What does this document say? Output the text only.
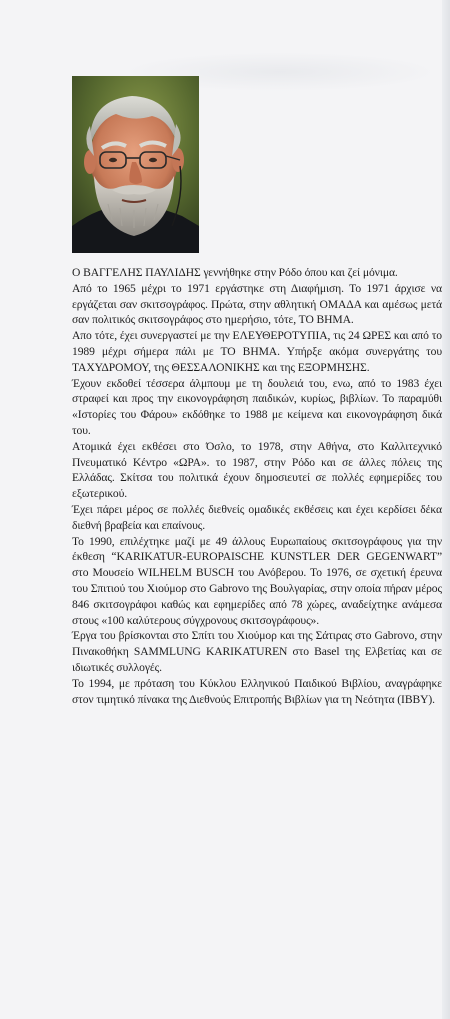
Ο ΒΑΓΓΕΛΗΣ ΠΑΥΛΙΔΗΣ γεννήθηκε στην Ρόδο όπου και ζεί μόνιμα.

Από το 1965 μέχρι το 1971 εργάστηκε στη Διαφήμιση. Το 1971 άρχισε να εργάζεται σαν σκιτσογράφος. Πρώτα, στην αθλητική ΟΜΑΔΑ και αμέσως μετά σαν πολιτικός σκιτσογράφος στο ημερήσιο, τότε, ΤΟ ΒΗΜΑ.

Απο τότε, έχει συνεργαστεί με την ΕΛΕΥΘΕΡΟΤΥΠΙΑ, τις 24 ΩΡΕΣ και από το 1989 μέχρι σήμερα πάλι με ΤΟ ΒΗΜΑ. Υπήρξε ακόμα συνεργάτης του ΤΑΧΥΔΡΟΜΟΥ, της ΘΕΣΣΑΛΟΝΙΚΗΣ και της ΕΞΟΡΜΗΣΗΣ.

Έχουν εκδοθεί τέσσερα άλμπουμ με τη δουλειά του, ενω, από το 1983 έχει στραφεί και προς την εικονογράφηση παιδικών, κυρίως, βιβλίων. Το παραμύθι «Ιστορίες του Φάρου» εκδόθηκε το 1988 με κείμενα και εικονογράφηση δικά του.

Ατομικά έχει εκθέσει στο Όσλο, το 1978, στην Αθήνα, στο Καλλιτεχνικό Πνευματικό Κέντρο «ΩΡΑ». το 1987, στην Ρόδο και σε άλλες πόλεις της Ελλάδας. Σκίτσα του πολιτικά έχουν δημοσιευτεί σε πολλές εφημερίδες του εξωτερικού.

Έχει πάρει μέρος σε πολλές διεθνείς ομαδικές εκθέσεις και έχει κερδίσει δέκα διεθνή βραβεία και επαίνους.

Το 1990, επιλέχτηκε μαζί με 49 άλλους Ευρωπαίους σκιτσογράφους για την έκθεση “KARIKATUR-EUROPAISCHE KUNSTLER DER GEGENWART” στο Μουσείο WILHELM BUSCH του Ανόβερου. Το 1976, σε σχετική έρευνα του Σπιτιού του Χιούμορ στο Gabrovo της Βουλγαρίας, στην οποία πήραν μέρος 846 σκιτσογράφοι καθώς και εφημερίδες από 78 χώρες, αναδείχτηκε ανάμεσα στους «100 καλύτερους σύγχρονους σκιτσογράφους».

Έργα του βρίσκονται στο Σπίτι του Χιούμορ και της Σάτιρας στο Gabrovo, στην Πινακοθήκη SAMMLUNG KARIKATUREN στο Basel της Ελβετίας και σε ιδιωτικές συλλογές.

Το 1994, με πρόταση του Κύκλου Ελληνικού Παιδικού Βιβλίου, αναγράφηκε στον τιμητικό πίνακα της Διεθνούς Επιτροπής Βιβλίων για τη Νεότητα (IBBY).
